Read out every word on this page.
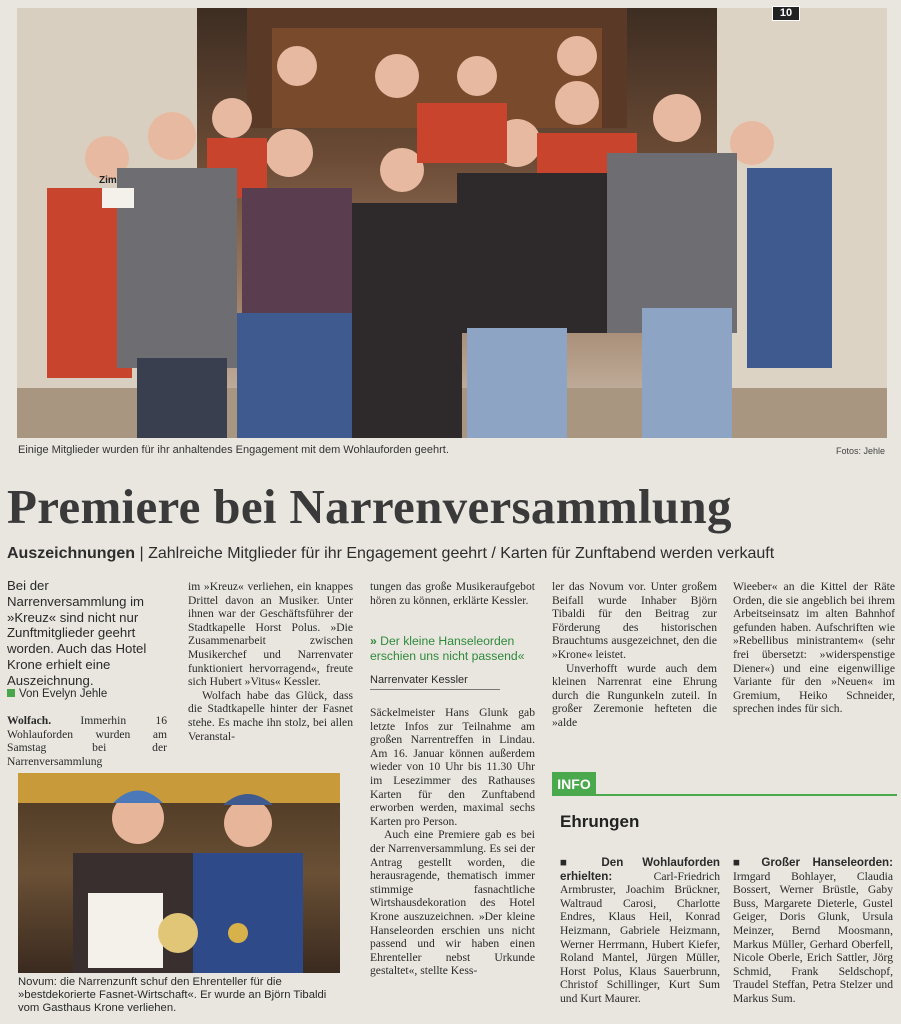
Zim
10
Einige Mitglieder wurden für ihr anhaltendes Engagement mit dem Wohlauforden geehrt.	Fotos: Jehle
Premiere bei Narrenversammlung
Auszeichnungen | Zahlreiche Mitglieder für ihr Engagement geehrt / Karten für Zunftabend werden verkauft
Bei der Narrenversammlung im »Kreuz« sind nicht nur Zunftmitglieder geehrt worden. Auch das Hotel Krone erhielt eine Auszeichnung.
Von Evelyn Jehle

Wolfach. Immerhin 16 Wohlauforden wurden am Samstag bei der Narrenversammlung

im »Kreuz« verliehen, ein knappes Drittel davon an Musiker. Unter ihnen war der Geschäftsführer der Stadtkapelle Horst Polus. »Die Zusammenarbeit zwischen Musikerchef und Narrenvater funktioniert hervorragend«, freute sich Hubert »Vitus« Kessler.

Wolfach habe das Glück, dass die Stadtkapelle hinter der Fasnet stehe. Es mache ihn stolz, bei allen Veranstal-

tungen das große Musikeraufgebot hören zu können, erklärte Kessler.

» Der kleine Hanseleorden erschien uns nicht passend«
Narrenvater Kessler

Säckelmeister Hans Glunk gab letzte Infos zur Teilnahme am großen Narrentreffen in Lindau. Am 16. Januar können außerdem wieder von 10 Uhr bis 11.30 Uhr im Lesezimmer des Rathauses Karten für den Zunftabend erworben werden, maximal sechs Karten pro Person.

Auch eine Premiere gab es bei der Narrenversammlung. Es sei der Antrag gestellt worden, die herausragende, thematisch immer stimmige fasnachtliche Wirtshausdekoration des Hotel Krone auszuzeichnen. »Der kleine Hanseleorden erschien uns nicht passend und wir haben einen Ehrenteller nebst Urkunde gestaltet«, stellte Kess-

ler das Novum vor. Unter großem Beifall wurde Inhaber Björn Tibaldi für den Beitrag zur Förderung des historischen Brauchtums ausgezeichnet, den die »Krone« leistet.

Unverhofft wurde auch dem kleinen Narrenrat eine Ehrung durch die Rungunkeln zuteil. In großer Zeremonie hefteten die »alde

Wieeber« an die Kittel der Räte Orden, die sie angeblich bei ihrem Arbeitseinsatz im alten Bahnhof gefunden haben. Aufschriften wie »Rebellibus ministrantem« (sehr frei übersetzt: »widerspenstige Diener«) und eine eigenwillige Variante für den »Neuen« im Gremium, Heiko Schneider, sprechen indes für sich.

Novum: die Narrenzunft schuf den Ehrenteller für die »bestdekorierte Fasnet-Wirtschaft«. Er wurde an Björn Tibaldi vom Gasthaus Krone verliehen.
INFO
Ehrungen

■ Den Wohlauforden erhielten:	Carl-Friedrich Armbruster, Joachim Brückner, Waltraud Carosi, Charlotte Endres, Klaus Heil, Konrad Heizmann, Gabriele Heizmann, Werner Herrmann, Hubert Kiefer, Roland Mantel, Jürgen Müller, Horst Polus, Klaus Sauerbrunn, Christof Schillinger, Kurt Sum und Kurt Maurer.

■ Großer Hanseleorden: Irmgard Bohlayer, Claudia Bossert, Werner Brüstle, Gaby Buss, Margarete Dieterle, Gustel Geiger, Doris Glunk, Ursula Meinzer, Bernd Moosmann, Markus Müller, Gerhard Oberfell, Nicole Oberle, Erich Sattler, Jörg Schmid, Frank Seldschopf, Traudel Steffan, Petra Stelzer und Markus Sum.
